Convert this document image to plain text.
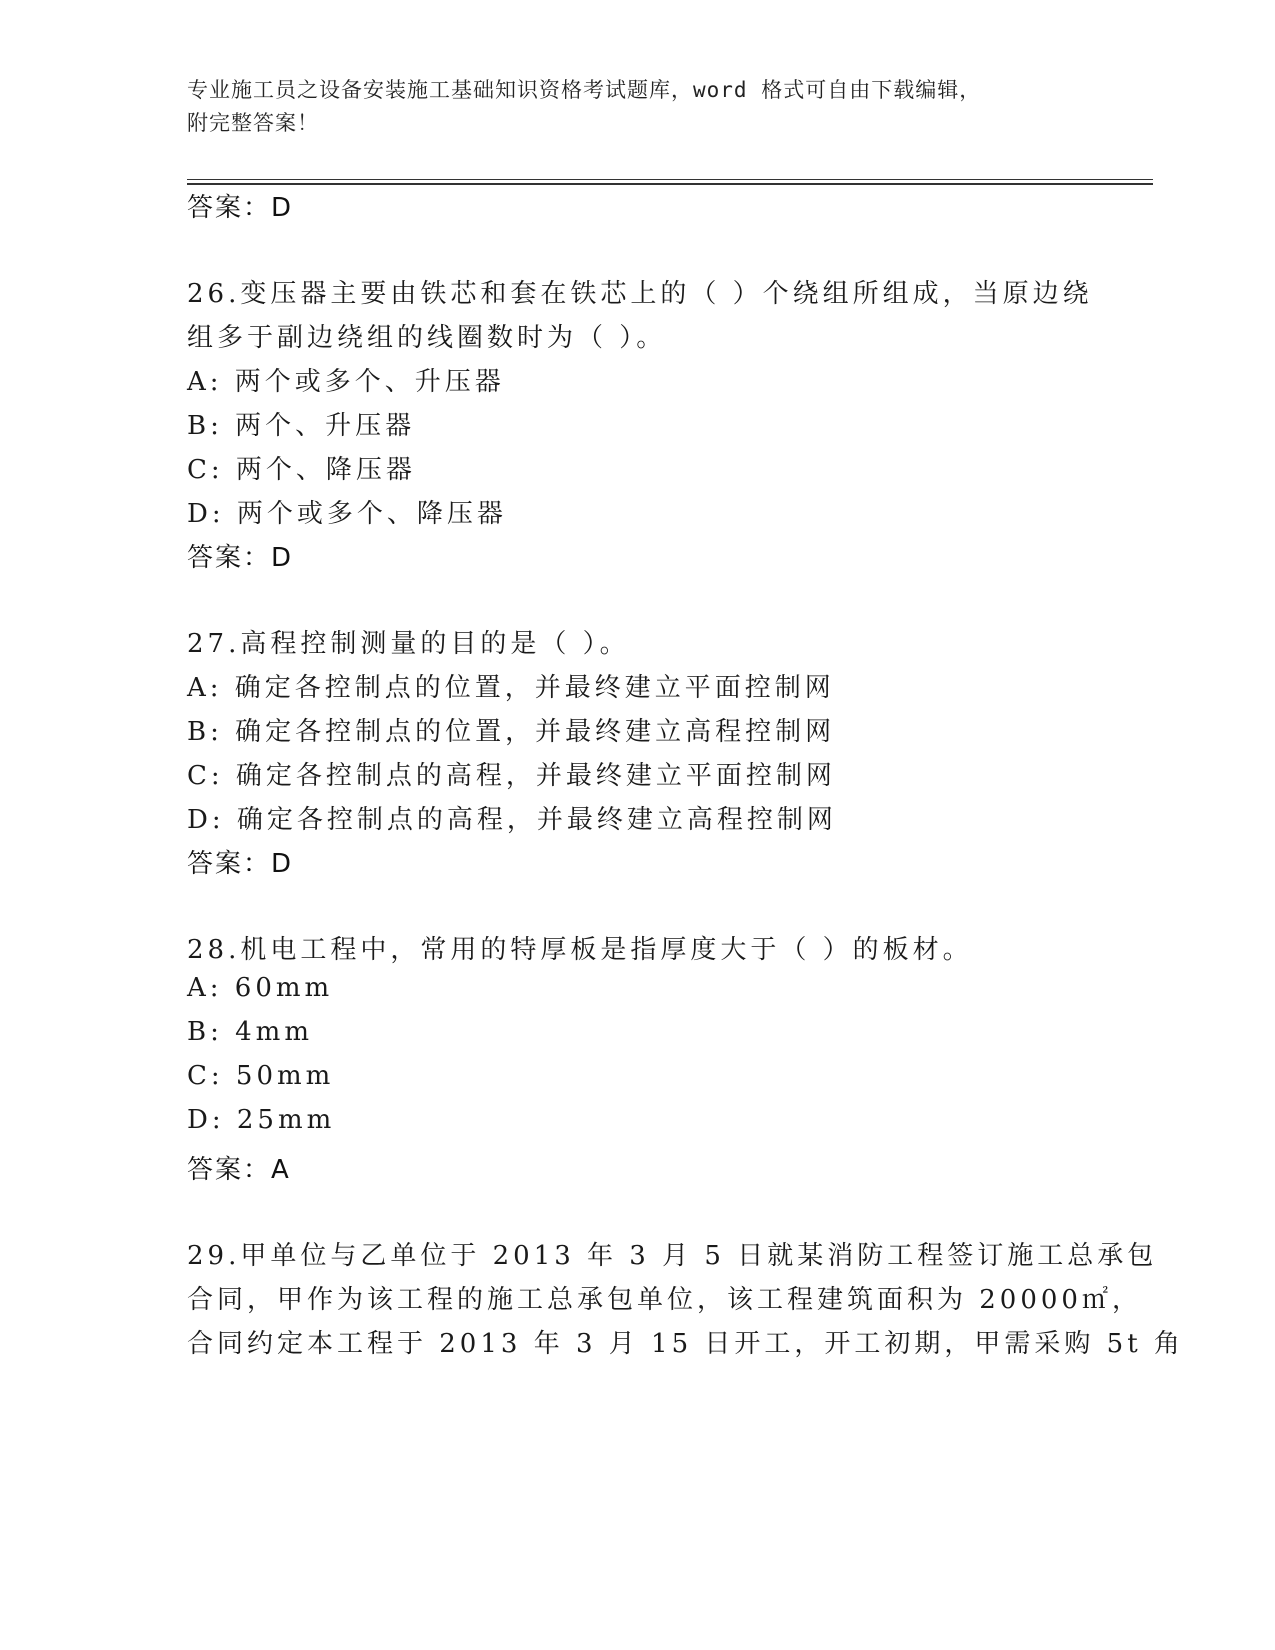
专业施工员之设备安装施工基础知识资格考试题库，word 格式可自由下载编辑，
附完整答案！
答案：D
26.变压器主要由铁芯和套在铁芯上的（ ）个绕组所组成，当原边绕
组多于副边绕组的线圈数时为（ ）。
A: 两个或多个、升压器
B: 两个、升压器
C: 两个、降压器
D: 两个或多个、降压器
答案：D
27.高程控制测量的目的是（ ）。
A: 确定各控制点的位置，并最终建立平面控制网
B: 确定各控制点的位置，并最终建立高程控制网
C: 确定各控制点的高程，并最终建立平面控制网
D: 确定各控制点的高程，并最终建立高程控制网
答案：D
28.机电工程中，常用的特厚板是指厚度大于（ ）的板材。
A: 60mm
B: 4mm
C: 50mm
D: 25mm
答案：A
29.甲单位与乙单位于 2013 年 3 月 5 日就某消防工程签订施工总承包
合同，甲作为该工程的施工总承包单位，该工程建筑面积为 20000㎡，
合同约定本工程于 2013 年 3 月 15 日开工，开工初期，甲需采购 5t 角
